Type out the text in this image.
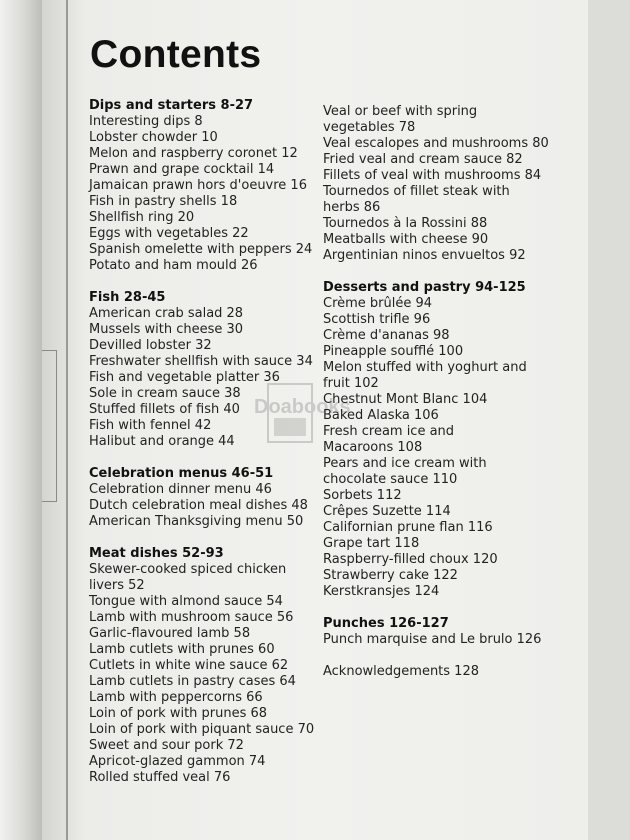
Contents
Dips and starters 8-27
Interesting dips 8
Lobster chowder 10
Melon and raspberry coronet 12
Prawn and grape cocktail 14
Jamaican prawn hors d'oeuvre 16
Fish in pastry shells 18
Shellfish ring 20
Eggs with vegetables 22
Spanish omelette with peppers 24
Potato and ham mould 26
Fish 28-45
American crab salad 28
Mussels with cheese 30
Devilled lobster 32
Freshwater shellfish with sauce 34
Fish and vegetable platter 36
Sole in cream sauce 38
Stuffed fillets of fish 40
Fish with fennel 42
Halibut and orange 44
Celebration menus 46-51
Celebration dinner menu 46
Dutch celebration meal dishes 48
American Thanksgiving menu 50
Meat dishes 52-93
Skewer-cooked spiced chicken
livers 52
Tongue with almond sauce 54
Lamb with mushroom sauce 56
Garlic-flavoured lamb 58
Lamb cutlets with prunes 60
Cutlets in white wine sauce 62
Lamb cutlets in pastry cases 64
Lamb with peppercorns 66
Loin of pork with prunes 68
Loin of pork with piquant sauce 70
Sweet and sour pork 72
Apricot-glazed gammon 74
Rolled stuffed veal 76
Veal or beef with spring
vegetables 78
Veal escalopes and mushrooms 80
Fried veal and cream sauce 82
Fillets of veal with mushrooms 84
Tournedos of fillet steak with
herbs 86
Tournedos à la Rossini 88
Meatballs with cheese 90
Argentinian ninos envueltos 92
Desserts and pastry 94-125
Crème brûlée 94
Scottish trifle 96
Crème d'ananas 98
Pineapple soufflé 100
Melon stuffed with yoghurt and
fruit 102
Chestnut Mont Blanc 104
Baked Alaska 106
Fresh cream ice and
Macaroons 108
Pears and ice cream with
chocolate sauce 110
Sorbets 112
Crêpes Suzette 114
Californian prune flan 116
Grape tart 118
Raspberry-filled choux 120
Strawberry cake 122
Kerstkransjes 124
Punches 126-127
Punch marquise and Le brulo 126
Acknowledgements 128
Doabooks
